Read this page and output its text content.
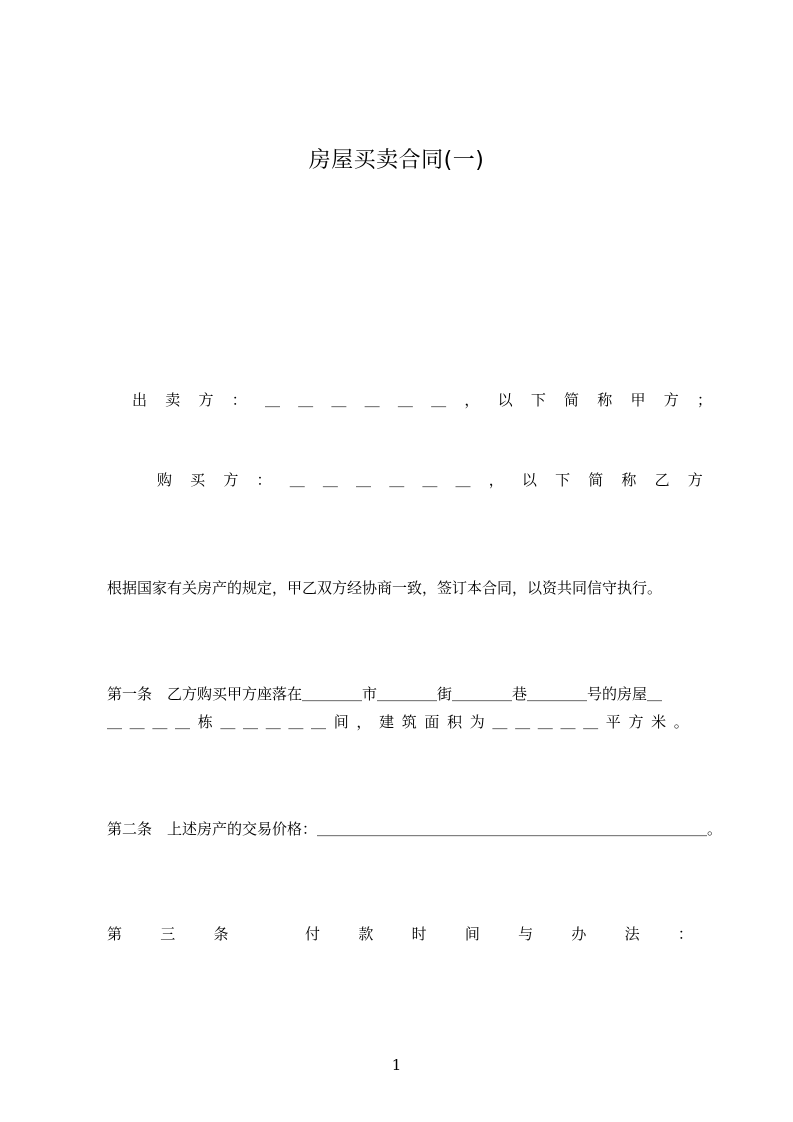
房屋买卖合同(一)
出 卖 方 ： ＿ ＿ ＿ ＿ ＿ ＿ ， 以 下 简 称 甲 方 ；
购 买 方 ： ＿ ＿ ＿ ＿ ＿ ＿ ， 以 下 简 称 乙 方
根据国家有关房产的规定，甲乙双方经协商一致，签订本合同，以资共同信守执行。
第一条　乙方购买甲方座落在＿＿＿＿市＿＿＿＿街＿＿＿＿巷＿＿＿＿号的房屋＿
＿ ＿ ＿ ＿ 栋 ＿ ＿ ＿ ＿ ＿ 间 ， 建 筑 面 积 为 ＿ ＿ ＿ ＿ ＿ 平 方 米 。
第二条　上述房产的交易价格：＿＿＿＿＿＿＿＿＿＿＿＿＿＿＿＿＿＿＿＿＿＿＿＿＿＿。
第	三	条	付	款	时	间	与	办	法	：
1
